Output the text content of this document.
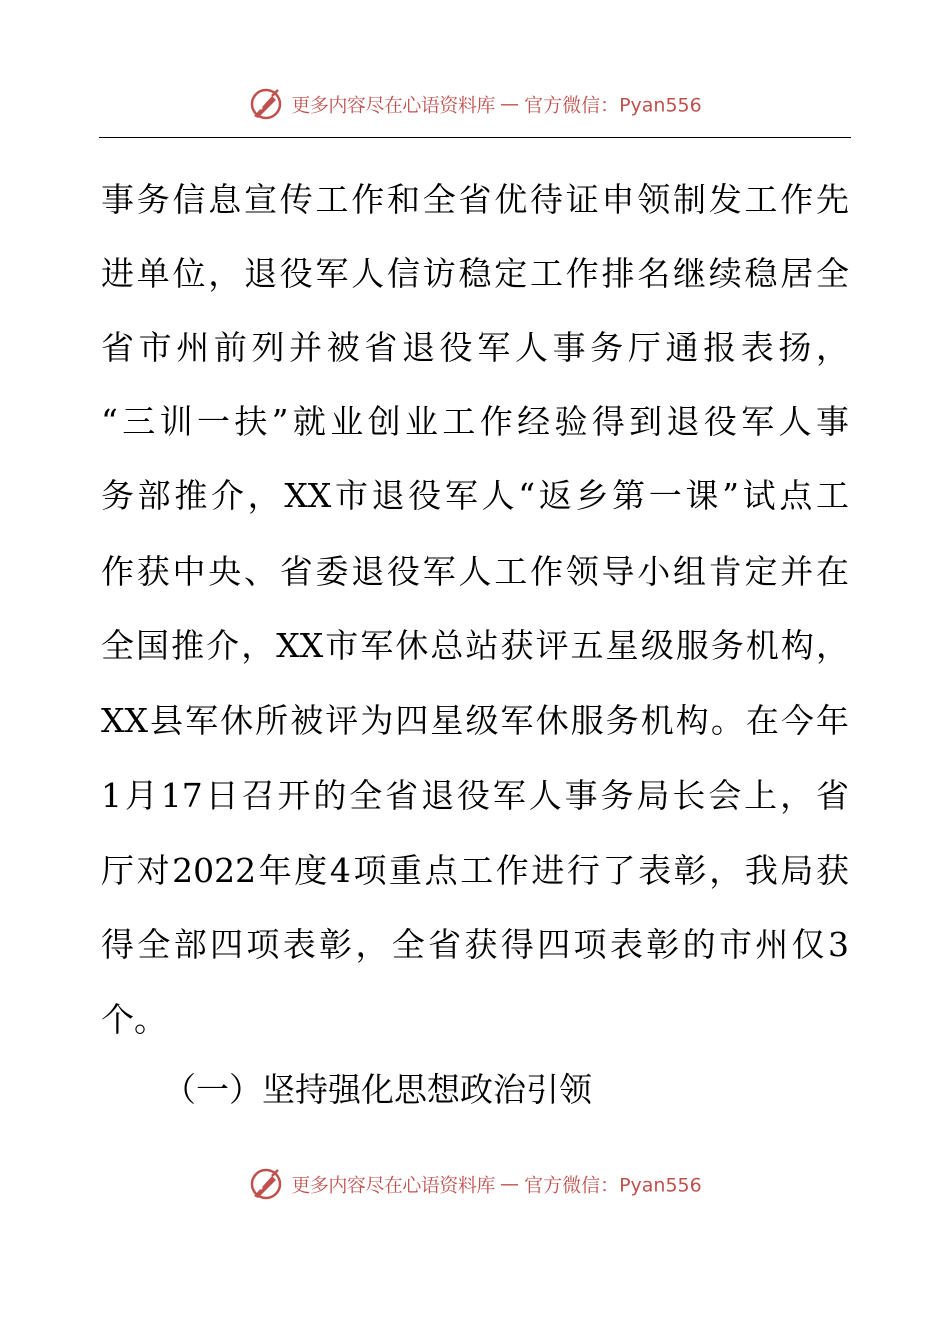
更多内容尽在心语资料库 — 官方微信：Pyan556

事务信息宣传工作和全省优待证申领制发工作先

进单位，退役军人信访稳定工作排名继续稳居全

省市州前列并被省退役军人事务厅通报表扬，

“三训一扶”就业创业工作经验得到退役军人事

务部推介，XX市退役军人“返乡第一课”试点工

作获中央、省委退役军人工作领导小组肯定并在

全国推介，XX市军休总站获评五星级服务机构，

XX县军休所被评为四星级军休服务机构。在今年

1月17日召开的全省退役军人事务局长会上，省

厅对2022年度4项重点工作进行了表彰，我局获

得全部四项表彰，全省获得四项表彰的市州仅3

个。

（一）坚持强化思想政治引领

更多内容尽在心语资料库 — 官方微信：Pyan556
